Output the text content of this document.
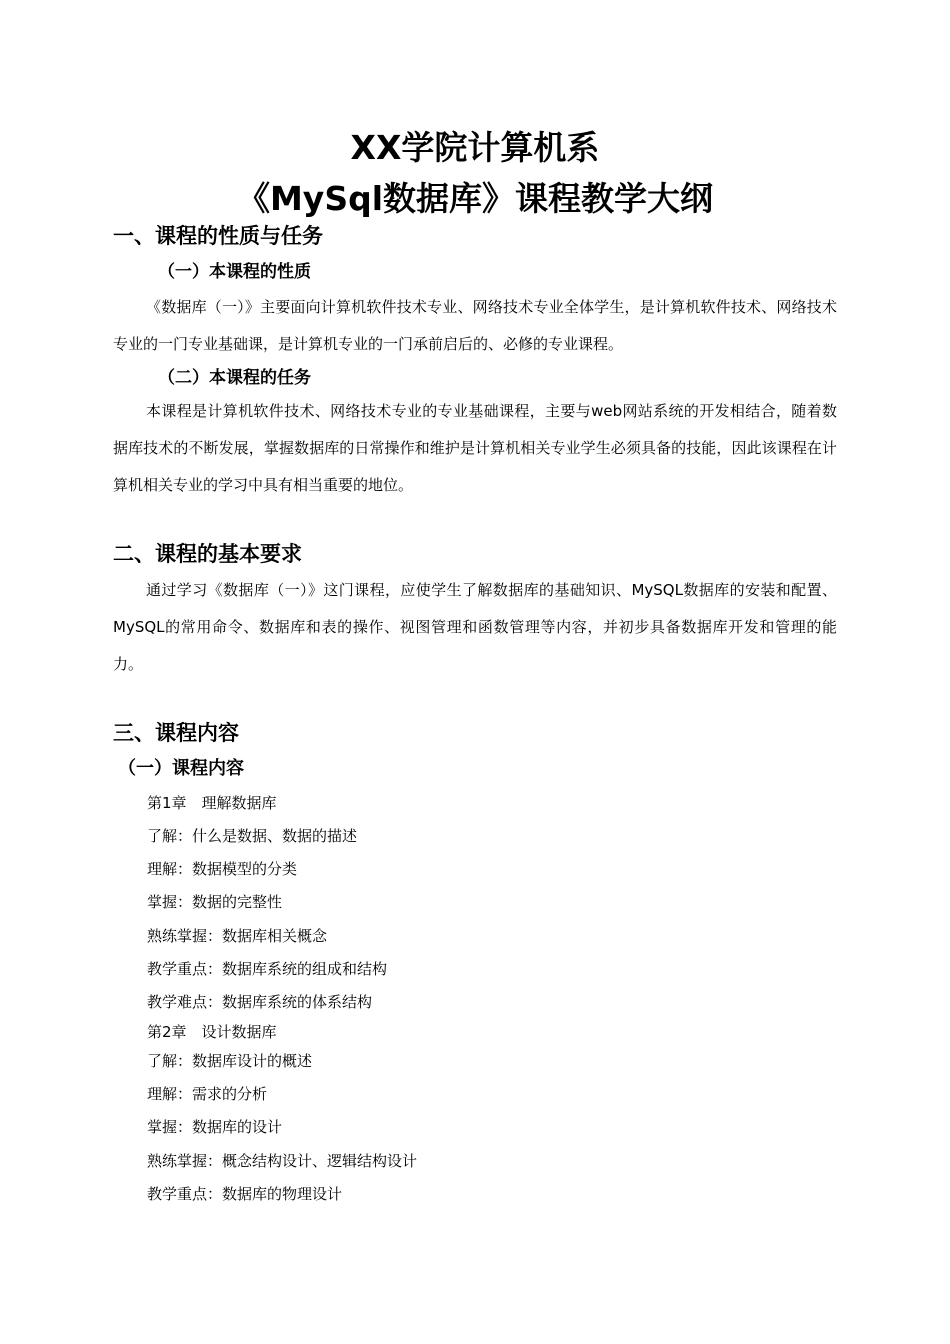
XX学院计算机系
《MySql数据库》课程教学大纲
一、课程的性质与任务
（一）本课程的性质

《数据库（一）》主要面向计算机软件技术专业、网络技术专业全体学生，是计算机软件技术、网络技术专业的一门专业基础课，是计算机专业的一门承前启后的、必修的专业课程。

（二）本课程的任务

本课程是计算机软件技术、网络技术专业的专业基础课程，主要与web网站系统的开发相结合，随着数据库技术的不断发展，掌握数据库的日常操作和维护是计算机相关专业学生必须具备的技能，因此该课程在计算机相关专业的学习中具有相当重要的地位。

二、课程的基本要求

通过学习《数据库（一）》这门课程，应使学生了解数据库的基础知识、MySQL数据库的安装和配置、MySQL的常用命令、数据库和表的操作、视图管理和函数管理等内容，并初步具备数据库开发和管理的能力。

三、课程内容
（一）课程内容
第1章　理解数据库
了解：什么是数据、数据的描述
理解：数据模型的分类
掌握：数据的完整性
熟练掌握：数据库相关概念
教学重点：数据库系统的组成和结构
教学难点：数据库系统的体系结构
第2章　设计数据库
了解：数据库设计的概述
理解：需求的分析
掌握：数据库的设计
熟练掌握：概念结构设计、逻辑结构设计
教学重点：数据库的物理设计
